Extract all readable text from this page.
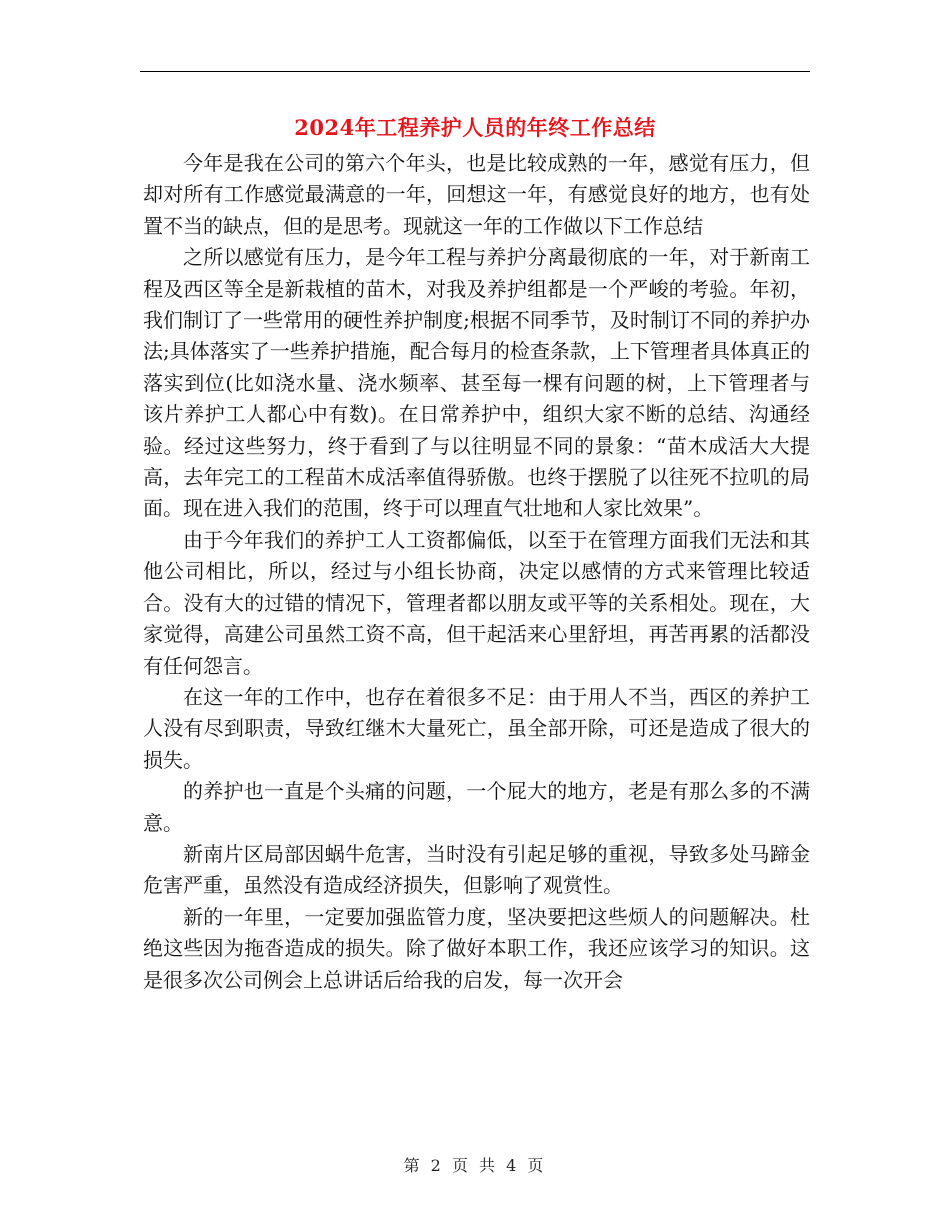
2024年工程养护人员的年终工作总结

今年是我在公司的第六个年头，也是比较成熟的一年，感觉有压力，但却对所有工作感觉最满意的一年，回想这一年，有感觉良好的地方，也有处置不当的缺点，但的是思考。现就这一年的工作做以下工作总结

之所以感觉有压力，是今年工程与养护分离最彻底的一年，对于新南工程及西区等全是新栽植的苗木，对我及养护组都是一个严峻的考验。年初，我们制订了一些常用的硬性养护制度;根据不同季节，及时制订不同的养护办法;具体落实了一些养护措施，配合每月的检查条款，上下管理者具体真正的落实到位(比如浇水量、浇水频率、甚至每一棵有问题的树，上下管理者与该片养护工人都心中有数)。在日常养护中，组织大家不断的总结、沟通经验。经过这些努力，终于看到了与以往明显不同的景象：“苗木成活大大提高，去年完工的工程苗木成活率值得骄傲。也终于摆脱了以往死不拉叽的局面。现在进入我们的范围，终于可以理直气壮地和人家比效果”。

由于今年我们的养护工人工资都偏低，以至于在管理方面我们无法和其他公司相比，所以，经过与小组长协商，决定以感情的方式来管理比较适合。没有大的过错的情况下，管理者都以朋友或平等的关系相处。现在，大家觉得，高建公司虽然工资不高，但干起活来心里舒坦，再苦再累的活都没有任何怨言。

在这一年的工作中，也存在着很多不足：由于用人不当，西区的养护工人没有尽到职责，导致红继木大量死亡，虽全部开除，可还是造成了很大的损失。

的养护也一直是个头痛的问题，一个屁大的地方，老是有那么多的不满意。

新南片区局部因蜗牛危害，当时没有引起足够的重视，导致多处马蹄金危害严重，虽然没有造成经济损失，但影响了观赏性。

新的一年里，一定要加强监管力度，坚决要把这些烦人的问题解决。杜绝这些因为拖沓造成的损失。除了做好本职工作，我还应该学习的知识。这是很多次公司例会上总讲话后给我的启发，每一次开会

第 2 页 共 4 页
